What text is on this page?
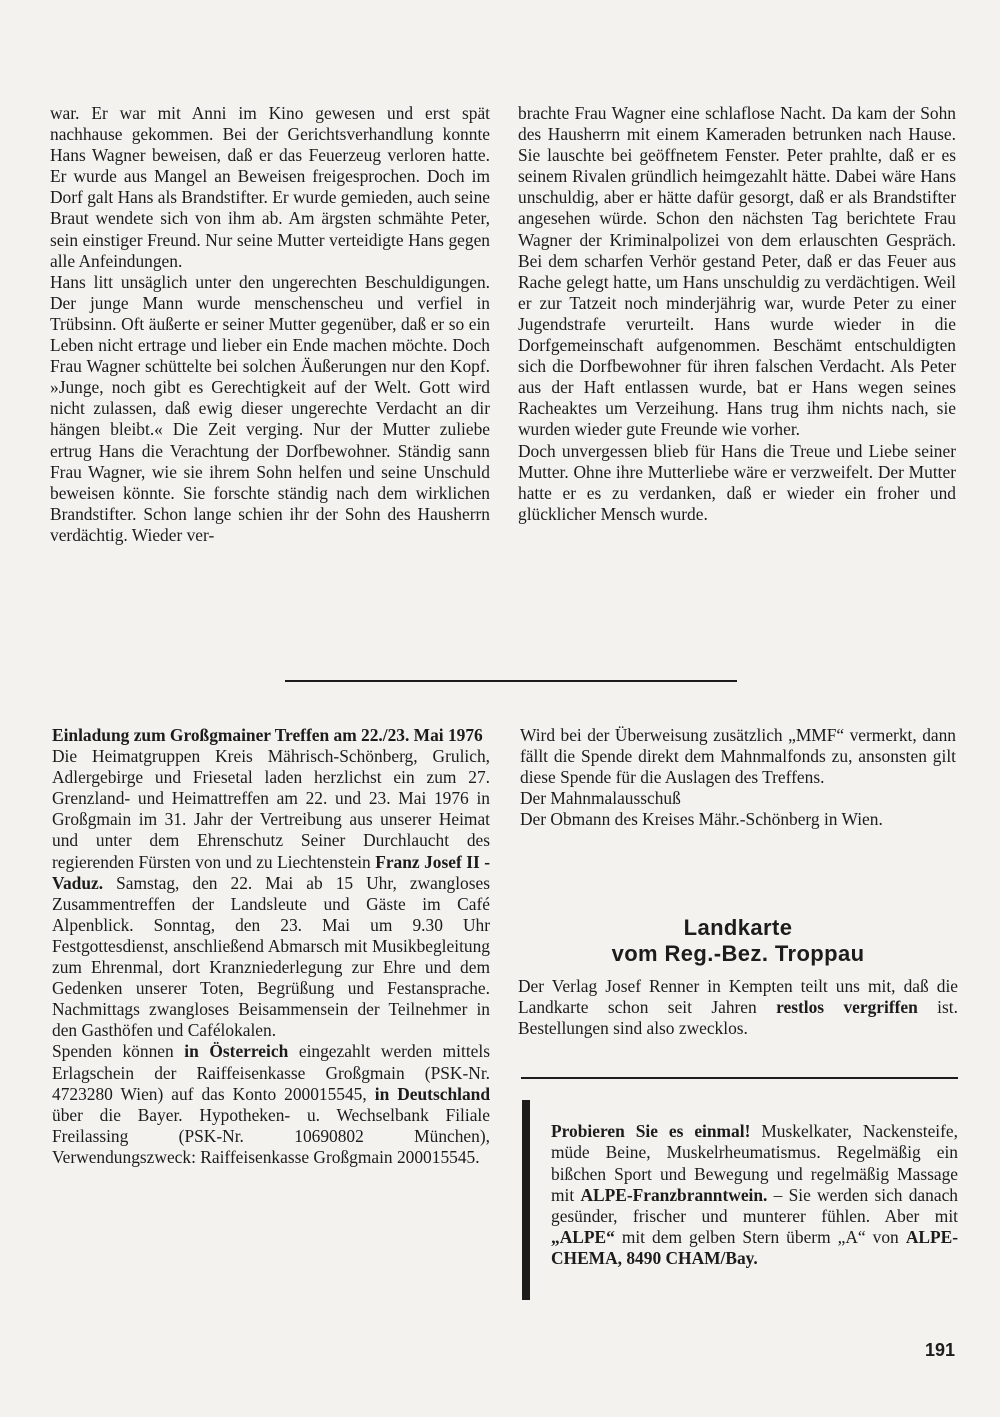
war. Er war mit Anni im Kino gewesen und erst spät nachhause gekommen. Bei der Gerichtsverhandlung konnte Hans Wagner beweisen, daß er das Feuerzeug verloren hatte. Er wurde aus Mangel an Beweisen freigesprochen. Doch im Dorf galt Hans als Brandstifter. Er wurde gemieden, auch seine Braut wendete sich von ihm ab. Am ärgsten schmähte Peter, sein einstiger Freund. Nur seine Mutter verteidigte Hans gegen alle Anfeindungen.

Hans litt unsäglich unter den ungerechten Beschuldigungen. Der junge Mann wurde menschenscheu und verfiel in Trübsinn. Oft äußerte er seiner Mutter gegenüber, daß er so ein Leben nicht ertrage und lieber ein Ende machen möchte. Doch Frau Wagner schüttelte bei solchen Äußerungen nur den Kopf. »Junge, noch gibt es Gerechtigkeit auf der Welt. Gott wird nicht zulassen, daß ewig dieser ungerechte Verdacht an dir hängen bleibt.« Die Zeit verging. Nur der Mutter zuliebe ertrug Hans die Verachtung der Dorfbewohner. Ständig sann Frau Wagner, wie sie ihrem Sohn helfen und seine Unschuld beweisen könnte. Sie forschte ständig nach dem wirklichen Brandstifter. Schon lange schien ihr der Sohn des Hausherrn verdächtig. Wieder ver-

brachte Frau Wagner eine schlaflose Nacht. Da kam der Sohn des Hausherrn mit einem Kameraden betrunken nach Hause. Sie lauschte bei geöffnetem Fenster. Peter prahlte, daß er es seinem Rivalen gründlich heimgezahlt hätte. Dabei wäre Hans unschuldig, aber er hätte dafür gesorgt, daß er als Brandstifter angesehen würde. Schon den nächsten Tag berichtete Frau Wagner der Kriminalpolizei von dem erlauschten Gespräch. Bei dem scharfen Verhör gestand Peter, daß er das Feuer aus Rache gelegt hatte, um Hans unschuldig zu verdächtigen. Weil er zur Tatzeit noch minderjährig war, wurde Peter zu einer Jugendstrafe verurteilt. Hans wurde wieder in die Dorfgemeinschaft aufgenommen. Beschämt entschuldigten sich die Dorfbewohner für ihren falschen Verdacht. Als Peter aus der Haft entlassen wurde, bat er Hans wegen seines Racheaktes um Verzeihung. Hans trug ihm nichts nach, sie wurden wieder gute Freunde wie vorher.

Doch unvergessen blieb für Hans die Treue und Liebe seiner Mutter. Ohne ihre Mutterliebe wäre er verzweifelt. Der Mutter hatte er es zu verdanken, daß er wieder ein froher und glücklicher Mensch wurde.

Einladung zum Großgmainer Treffen am 22./23. Mai 1976

Die Heimatgruppen Kreis Mährisch-Schönberg, Grulich, Adlergebirge und Friesetal laden herzlichst ein zum 27. Grenzland- und Heimattreffen am 22. und 23. Mai 1976 in Großgmain im 31. Jahr der Vertreibung aus unserer Heimat und unter dem Ehrenschutz Seiner Durchlaucht des regierenden Fürsten von und zu Liechtenstein Franz Josef II - Vaduz. Samstag, den 22. Mai ab 15 Uhr, zwangloses Zusammentreffen der Landsleute und Gäste im Café Alpenblick. Sonntag, den 23. Mai um 9.30 Uhr Festgottesdienst, anschließend Abmarsch mit Musikbegleitung zum Ehrenmal, dort Kranzniederlegung zur Ehre und dem Gedenken unserer Toten, Begrüßung und Festansprache. Nachmittags zwangloses Beisammensein der Teilnehmer in den Gasthöfen und Cafélokalen.

Spenden können in Österreich eingezahlt werden mittels Erlagschein der Raiffeisenkasse Großgmain (PSK-Nr. 4723280 Wien) auf das Konto 200015545, in Deutschland über die Bayer. Hypotheken- u. Wechselbank Filiale Freilassing (PSK-Nr. 10690802 München), Verwendungszweck: Raiffeisenkasse Großgmain 200015545.

Wird bei der Überweisung zusätzlich „MMF“ vermerkt, dann fällt die Spende direkt dem Mahnmalfonds zu, ansonsten gilt diese Spende für die Auslagen des Treffens.

Der Mahnmalausschuß

Der Obmann des Kreises Mähr.-Schönberg in Wien.

Landkarte
vom Reg.-Bez. Troppau

Der Verlag Josef Renner in Kempten teilt uns mit, daß die Landkarte schon seit Jahren restlos vergriffen ist. Bestellungen sind also zwecklos.

Probieren Sie es einmal! Muskelkater, Nackensteife, müde Beine, Muskelrheumatismus. Regelmäßig ein bißchen Sport und Bewegung und regelmäßig Massage mit ALPE-Franzbranntwein. – Sie werden sich danach gesünder, frischer und munterer fühlen. Aber mit „ALPE“ mit dem gelben Stern überm „A“ von ALPE-CHEMA, 8490 CHAM/Bay.

191
